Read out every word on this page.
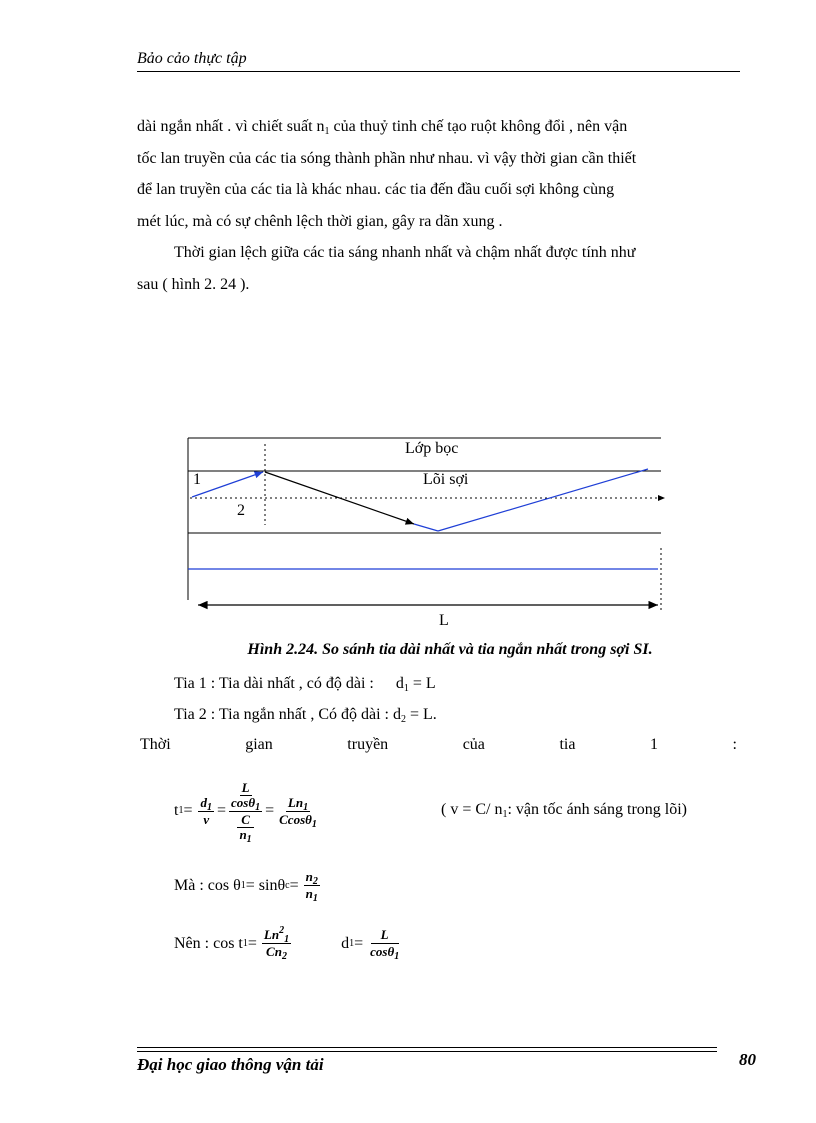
Bảo cảo thực tập
dài ngắn nhất . vì chiết suất $n_1$ của thuỷ tinh chế tạo ruột không đổi , nên vận
tốc lan truyền của các tia sóng thành phần như nhau. vì vậy thời gian cần thiết
để lan truyền của các tia là khác nhau. các tia đến đầu cuối sợi không cùng
mét lúc, mà có sự chênh lệch thời gian, gây ra dãn xung .
Thời gian lệch giữa các tia sáng nhanh nhất và chậm nhất được tính như
sau ( hình 2. 24 ).
Lớp bọc
Lõi sợi
1
2
L
Hình 2.24. So sánh tia dài nhất và tia ngắn nhất trong sợi SI.
Tia 1 : Tia dài nhất , có độ dài : $d_1 = L$
Tia 2 : Tia ngắn nhất , Có độ dài : $d_2 = L$.
Thời	gian	truyền	của	tia	1	:
t $1 = \frac{d_1}{v} = L$
cosθ$_1$
C
$n_1 = \frac{Ln_1}{Ccos\theta_1}$	( v = C/ $n_1$: vận tốc ánh sáng trong lõi)
Mà : cos θ 1 = sinθ $c = \frac{n_2}{n_1}$
Nên : cos t $1 = \frac{Ln^2_1}{Cn_2}$	d $1 = \frac{L}{\cos\theta_1}$
Đại học giao thông vận tải	80
